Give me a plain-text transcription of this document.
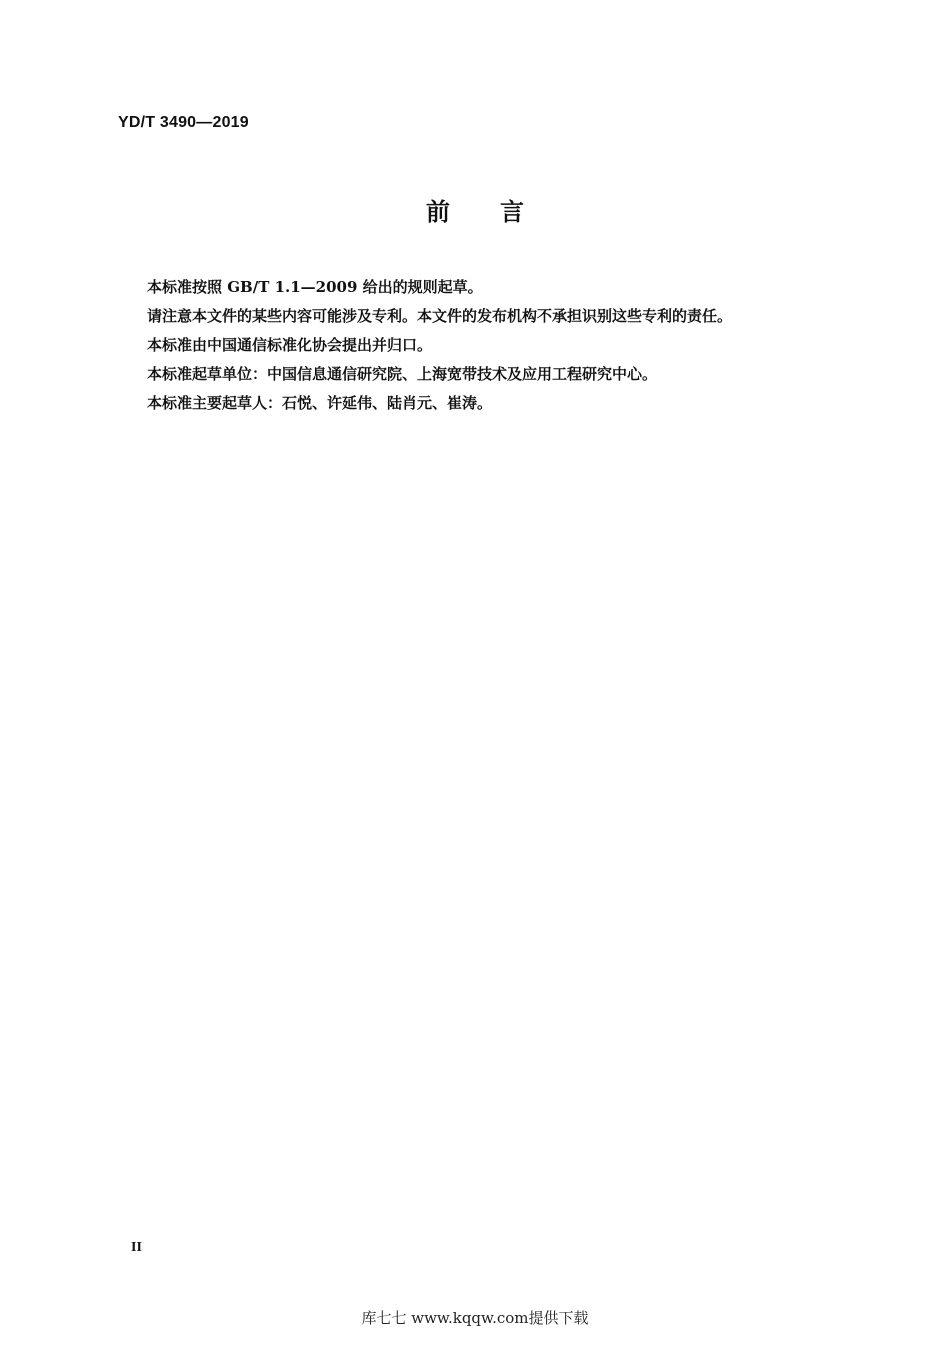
YD/T 3490—2019
前言

本标准按照 GB/T 1.1—2009 给出的规则起草。

请注意本文件的某些内容可能涉及专利。本文件的发布机构不承担识别这些专利的责任。

本标准由中国通信标准化协会提出并归口。

本标准起草单位：中国信息通信研究院、上海宽带技术及应用工程研究中心。

本标准主要起草人：石悦、许延伟、陆肖元、崔涛。

II
库七七 www.kqqw.com提供下载
